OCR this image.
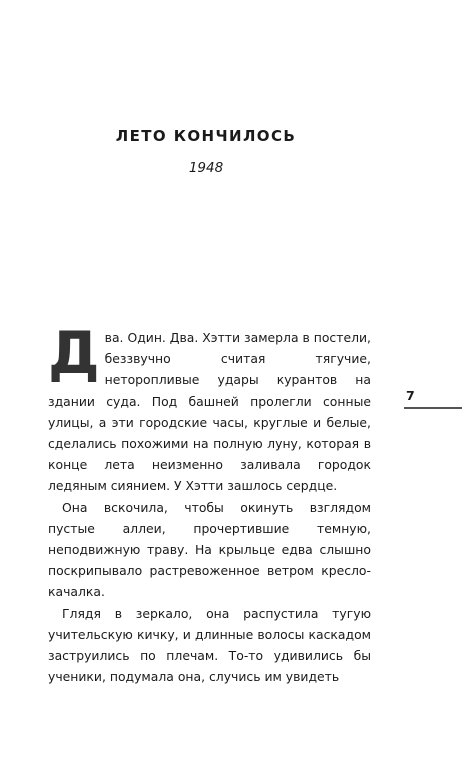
ЛЕТО КОНЧИЛОСЬ
1948

Два. Один. Два. Хэтти замерла в постели, беззвучно считая тягучие, неторопливые удары курантов на здании суда. Под башней пролегли сонные улицы, а эти городские часы, круглые и белые, сделались похожими на полную луну, которая в конце лета неизменно заливала городок ледяным сиянием. У Хэтти зашлось сердце.

Она вскочила, чтобы окинуть взглядом пустые аллеи, прочертившие темную, неподвижную траву. На крыльце едва слышно поскрипывало растревоженное ветром кресло-качалка.

Глядя в зеркало, она распустила тугую учительскую кичку, и длинные волосы каскадом заструились по плечам. То-то удивились бы ученики, подумала она, случись им увидеть

7
